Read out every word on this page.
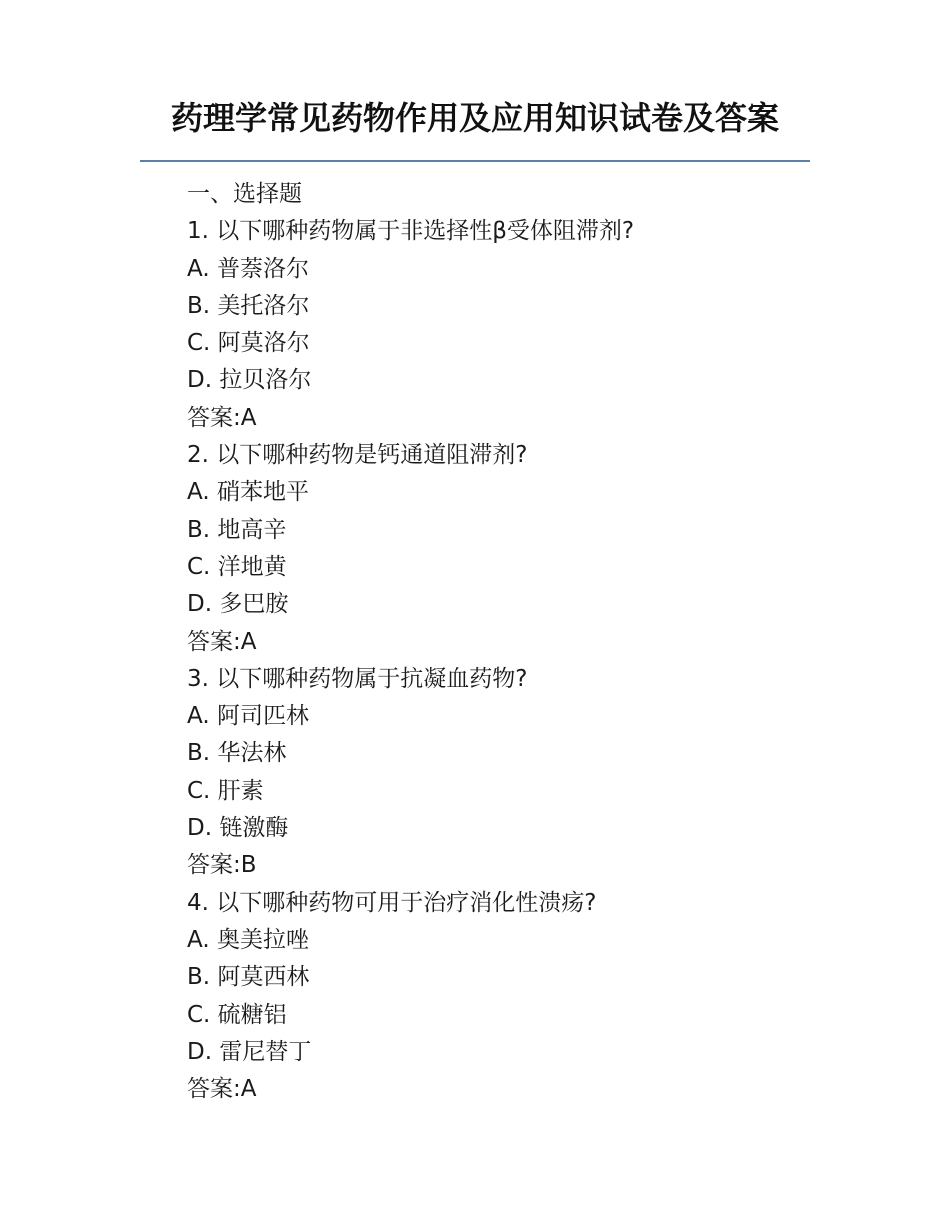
药理学常见药物作用及应用知识试卷及答案
一、选择题
1. 以下哪种药物属于非选择性β受体阻滞剂?
A. 普萘洛尔
B. 美托洛尔
C. 阿莫洛尔
D. 拉贝洛尔
答案:A
2. 以下哪种药物是钙通道阻滞剂?
A. 硝苯地平
B. 地高辛
C. 洋地黄
D. 多巴胺
答案:A
3. 以下哪种药物属于抗凝血药物?
A. 阿司匹林
B. 华法林
C. 肝素
D. 链激酶
答案:B
4. 以下哪种药物可用于治疗消化性溃疡?
A. 奥美拉唑
B. 阿莫西林
C. 硫糖铝
D. 雷尼替丁
答案:A
